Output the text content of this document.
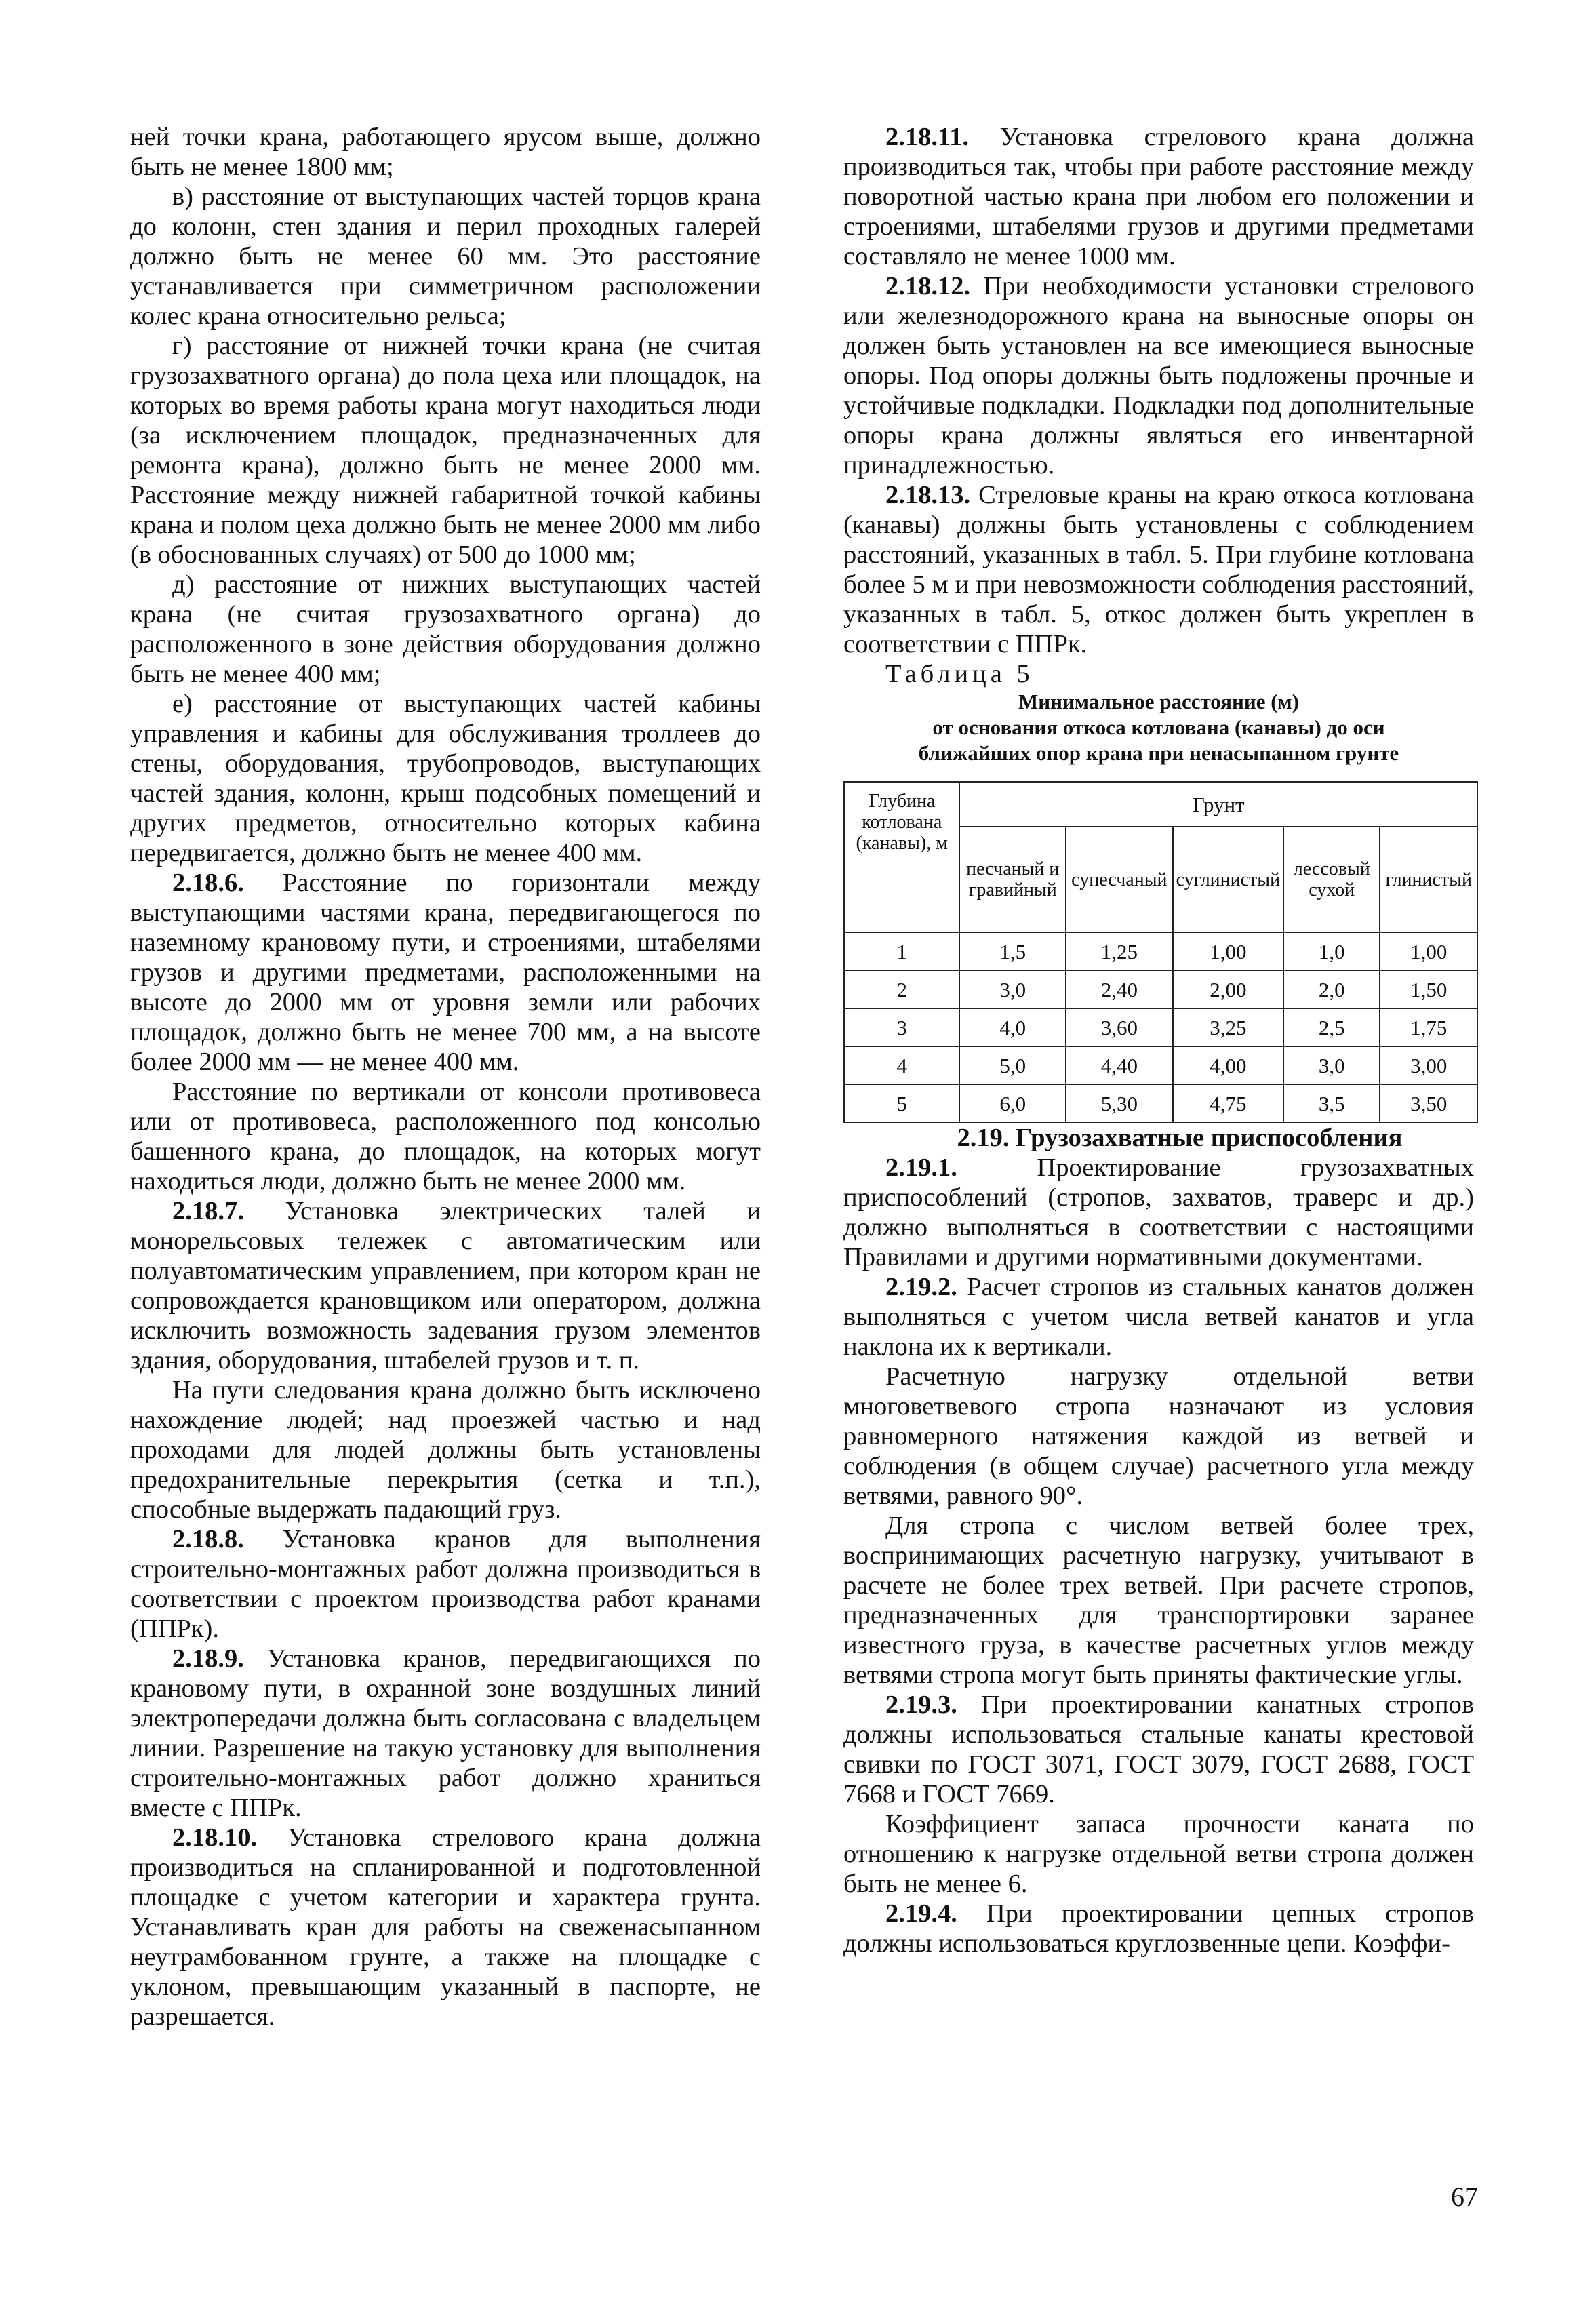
ней точки крана, работающего ярусом выше, должно быть не менее 1800 мм;

в) расстояние от выступающих частей торцов крана до колонн, стен здания и перил проходных галерей должно быть не менее 60 мм. Это расстояние устанавливается при симметричном расположении колес крана относительно рельса;

г) расстояние от нижней точки крана (не считая грузозахватного органа) до пола цеха или площадок, на которых во время работы крана могут находиться люди (за исключением площадок, предназначенных для ремонта крана), должно быть не менее 2000 мм. Расстояние между нижней габаритной точкой кабины крана и полом цеха должно быть не менее 2000 мм либо (в обоснованных случаях) от 500 до 1000 мм;

д) расстояние от нижних выступающих частей крана (не считая грузозахватного органа) до расположенного в зоне действия оборудования должно быть не менее 400 мм;

е) расстояние от выступающих частей кабины управления и кабины для обслуживания троллеев до стены, оборудования, трубопроводов, выступающих частей здания, колонн, крыш подсобных помещений и других предметов, относительно которых кабина передвигается, должно быть не менее 400 мм.

2.18.6. Расстояние по горизонтали между выступающими частями крана, передвигающегося по наземному крановому пути, и строениями, штабелями грузов и другими предметами, расположенными на высоте до 2000 мм от уровня земли или рабочих площадок, должно быть не менее 700 мм, а на высоте более 2000 мм — не менее 400 мм.

Расстояние по вертикали от консоли противовеса или от противовеса, расположенного под консолью башенного крана, до площадок, на которых могут находиться люди, должно быть не менее 2000 мм.

2.18.7. Установка электрических талей и монорельсовых тележек с автоматическим или полуавтоматическим управлением, при котором кран не сопровождается крановщиком или оператором, должна исключить возможность задевания грузом элементов здания, оборудования, штабелей грузов и т. п.

На пути следования крана должно быть исключено нахождение людей; над проезжей частью и над проходами для людей должны быть установлены предохранительные перекрытия (сетка и т.п.), способные выдержать падающий груз.

2.18.8. Установка кранов для выполнения строительно-монтажных работ должна производиться в соответствии с проектом производства работ кранами (ППРк).

2.18.9. Установка кранов, передвигающихся по крановому пути, в охранной зоне воздушных линий электропередачи должна быть согласована с владельцем линии. Разрешение на такую установку для выполнения строительно-монтажных работ должно храниться вместе с ППРк.

2.18.10. Установка стрелового крана должна производиться на спланированной и подготовленной площадке с учетом категории и характера грунта. Устанавливать кран для работы на свеженасыпанном неутрамбованном грунте, а также на площадке с уклоном, превышающим указанный в паспорте, не разрешается.

2.18.11. Установка стрелового крана должна производиться так, чтобы при работе расстояние между поворотной частью крана при любом его положении и строениями, штабелями грузов и другими предметами составляло не менее 1000 мм.

2.18.12. При необходимости установки стрелового или железнодорожного крана на выносные опоры он должен быть установлен на все имеющиеся выносные опоры. Под опоры должны быть подложены прочные и устойчивые подкладки. Подкладки под дополнительные опоры крана должны являться его инвентарной принадлежностью.

2.18.13. Стреловые краны на краю откоса котлована (канавы) должны быть установлены с соблюдением расстояний, указанных в табл. 5. При глубине котлована более 5 м и при невозможности соблюдения расстояний, указанных в табл. 5, откос должен быть укреплен в соответствии с ППРк.

Таблица 5

Минимальное расстояние (м)
от основания откоса котлована (канавы) до оси
ближайших опор крана при ненасыпанном грунте
Глубина котлована (канавы), м	Грунт				
	песчаный и гравийный	супесчаный	суглинистый	лессовый сухой	глинистый
1	1,5	1,25	1,00	1,0	1,00
2	3,0	2,40	2,00	2,0	1,50
3	4,0	3,60	3,25	2,5	1,75
4	5,0	4,40	4,00	3,0	3,00
5	6,0	5,30	4,75	3,5	3,50

2.19. Грузозахватные приспособления

2.19.1.	Проектирование грузозахватных приспособлений (стропов, захватов, траверс и др.) должно выполняться в соответствии с настоящими Правилами и другими нормативными документами.

2.19.2. Расчет стропов из стальных канатов должен выполняться с учетом числа ветвей канатов и угла наклона их к вертикали.

Расчетную нагрузку отдельной ветви многоветвевого стропа назначают из условия равномерного натяжения каждой из ветвей и соблюдения (в общем случае) расчетного угла между ветвями, равного 90°.

Для стропа с числом ветвей более трех, воспринимающих расчетную нагрузку, учитывают в расчете не более трех ветвей. При расчете стропов, предназначенных для транспортировки заранее известного груза, в качестве расчетных углов между ветвями стропа могут быть приняты фактические углы.

2.19.3. При проектировании канатных стропов должны использоваться стальные канаты крестовой свивки по ГОСТ 3071, ГОСТ 3079, ГОСТ 2688, ГОСТ 7668 и ГОСТ 7669.

Коэффициент запаса прочности каната по отношению к нагрузке отдельной ветви стропа должен быть не менее 6.

2.19.4. При проектировании цепных стропов должны использоваться круглозвенные цепи. Коэффи-

67
